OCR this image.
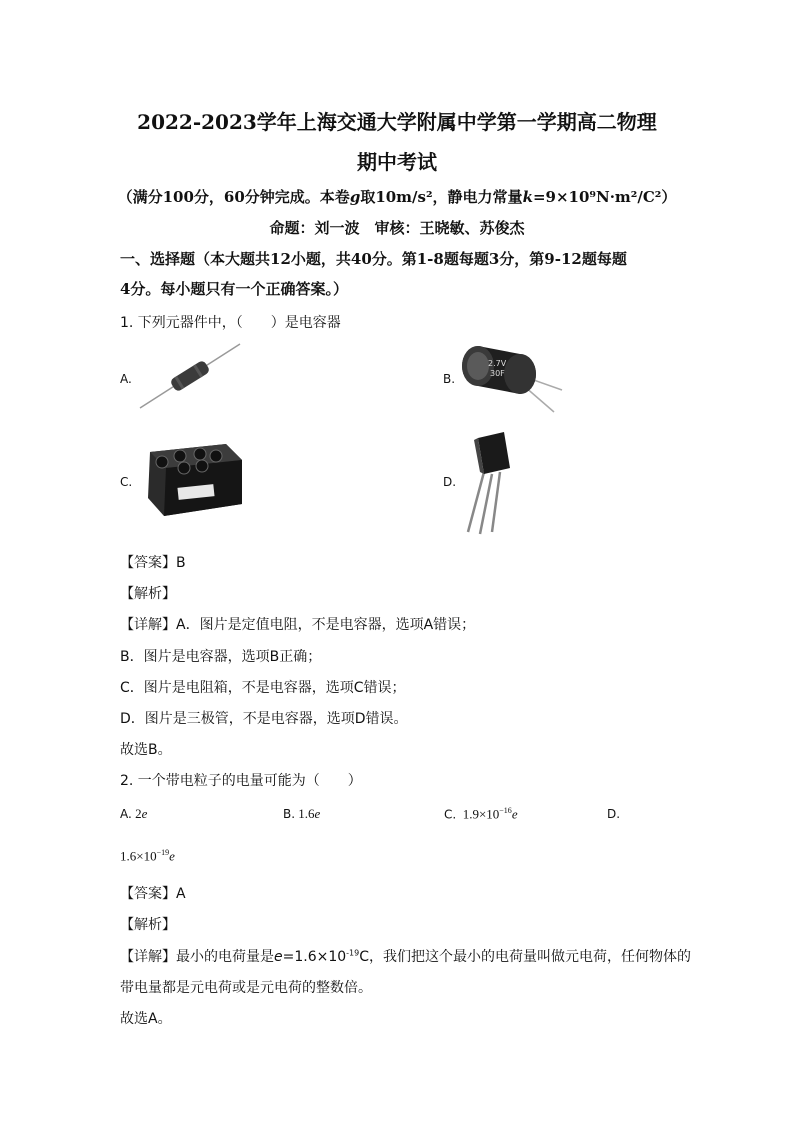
2022-2023学年上海交通大学附属中学第一学期高二物理
期中考试
（满分100分，60分钟完成。本卷g取10m/s²，静电力常量k=9×10⁹N·m²/C²）
命题：刘一波　审核：王晓敏、苏俊杰
一、选择题（本大题共12小题，共40分。第1-8题每题3分，第9-12题每题
4分。每小题只有一个正确答案。）
1. 下列元器件中，（　　）是电容器
A.	B.
2.7V
30F
C.	D.
【答案】B
【解析】
【详解】A．图片是定值电阻，不是电容器，选项A错误；
B．图片是电容器，选项B正确；
C．图片是电阻箱，不是电容器，选项C错误；
D．图片是三极管，不是电容器，选项D错误。
故选B。
2. 一个带电粒子的电量可能为（　　）
A. 2e	B. 1.6e	C. $1.9\times 10^{-16}e$	D.
$1.6\times 10^{-19}e$
【答案】A
【解析】
【详解】最小的电荷量是$e=1.6\times 10^{-19}C$，我们把这个最小的电荷量叫做元电荷，任何物体的
带电量都是元电荷或是元电荷的整数倍。
故选A。
